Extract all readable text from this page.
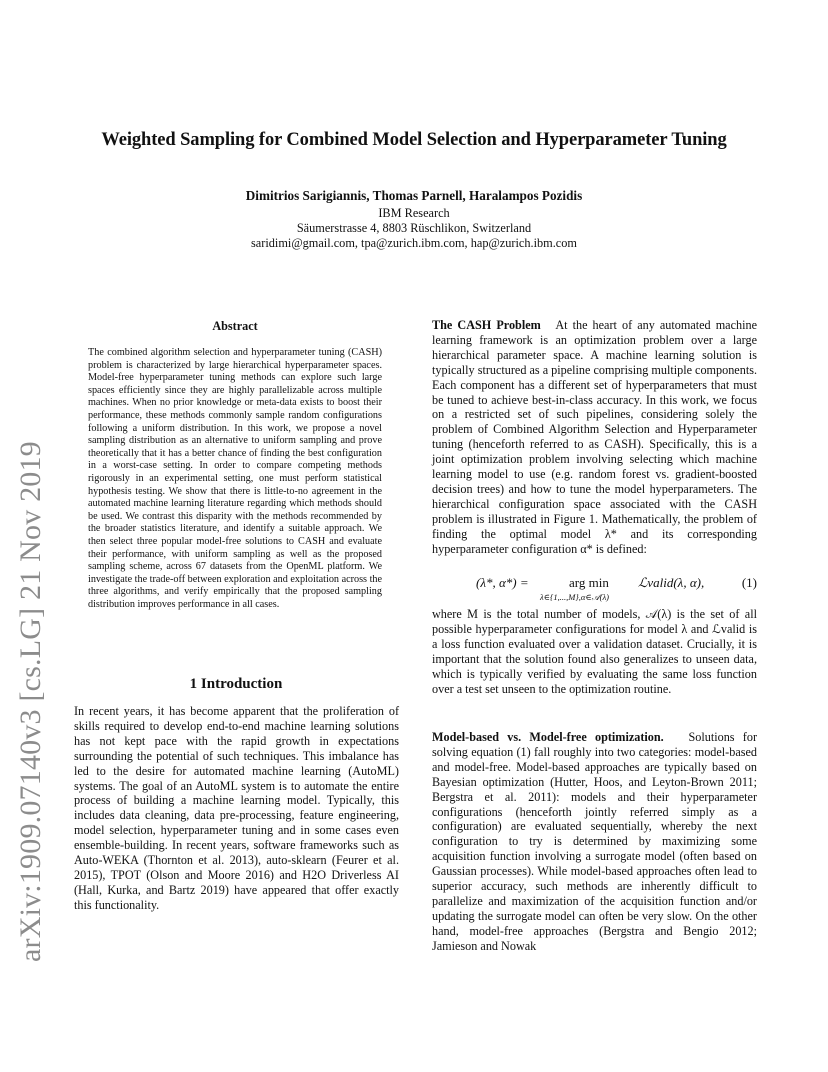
arXiv:1909.07140v3 [cs.LG] 21 Nov 2019
Weighted Sampling for Combined Model Selection and Hyperparameter Tuning
Dimitrios Sarigiannis, Thomas Parnell, Haralampos Pozidis
IBM Research
Säumerstrasse 4, 8803 Rüschlikon, Switzerland
saridimi@gmail.com, tpa@zurich.ibm.com, hap@zurich.ibm.com
Abstract
The combined algorithm selection and hyperparameter tuning (CASH) problem is characterized by large hierarchical hyperparameter spaces. Model-free hyperparameter tuning methods can explore such large spaces efficiently since they are highly parallelizable across multiple machines. When no prior knowledge or meta-data exists to boost their performance, these methods commonly sample random configurations following a uniform distribution. In this work, we propose a novel sampling distribution as an alternative to uniform sampling and prove theoretically that it has a better chance of finding the best configuration in a worst-case setting. In order to compare competing methods rigorously in an experimental setting, one must perform statistical hypothesis testing. We show that there is little-to-no agreement in the automated machine learning literature regarding which methods should be used. We contrast this disparity with the methods recommended by the broader statistics literature, and identify a suitable approach. We then select three popular model-free solutions to CASH and evaluate their performance, with uniform sampling as well as the proposed sampling scheme, across 67 datasets from the OpenML platform. We investigate the trade-off between exploration and exploitation across the three algorithms, and verify empirically that the proposed sampling distribution improves performance in all cases.
1 Introduction
In recent years, it has become apparent that the proliferation of skills required to develop end-to-end machine learning solutions has not kept pace with the rapid growth in expectations surrounding the potential of such techniques. This imbalance has led to the desire for automated machine learning (AutoML) systems. The goal of an AutoML system is to automate the entire process of building a machine learning model. Typically, this includes data cleaning, data pre-processing, feature engineering, model selection, hyperparameter tuning and in some cases even ensemble-building. In recent years, software frameworks such as Auto-WEKA (Thornton et al. 2013), auto-sklearn (Feurer et al. 2015), TPOT (Olson and Moore 2016) and H2O Driverless AI (Hall, Kurka, and Bartz 2019) have appeared that offer exactly this functionality.
The CASH Problem At the heart of any automated machine learning framework is an optimization problem over a large hierarchical parameter space. A machine learning solution is typically structured as a pipeline comprising multiple components. Each component has a different set of hyperparameters that must be tuned to achieve best-in-class accuracy. In this work, we focus on a restricted set of such pipelines, considering solely the problem of Combined Algorithm Selection and Hyperparameter tuning (henceforth referred to as CASH). Specifically, this is a joint optimization problem involving selecting which machine learning model to use (e.g. random forest vs. gradient-boosted decision trees) and how to tune the model hyperparameters. The hierarchical configuration space associated with the CASH problem is illustrated in Figure 1. Mathematically, the problem of finding the optimal model λ* and its corresponding hyperparameter configuration α* is defined:
(λ*, α*) =	arg min
λ∈{1,...,M},α∈𝒜(λ)
ℒvalid(λ, α),	(1)
where M is the total number of models, 𝒜(λ) is the set of all possible hyperparameter configurations for model λ and ℒvalid is a loss function evaluated over a validation dataset. Crucially, it is important that the solution found also generalizes to unseen data, which is typically verified by evaluating the same loss function over a test set unseen to the optimization routine.
Model-based vs. Model-free optimization. Solutions for solving equation (1) fall roughly into two categories: model-based and model-free. Model-based approaches are typically based on Bayesian optimization (Hutter, Hoos, and Leyton-Brown 2011; Bergstra et al. 2011): models and their hyperparameter configurations (henceforth jointly referred simply as a configuration) are evaluated sequentially, whereby the next configuration to try is determined by maximizing some acquisition function involving a surrogate model (often based on Gaussian processes). While model-based approaches often lead to superior accuracy, such methods are inherently difficult to parallelize and maximization of the acquisition function and/or updating the surrogate model can often be very slow. On the other hand, model-free approaches (Bergstra and Bengio 2012; Jamieson and Nowak
